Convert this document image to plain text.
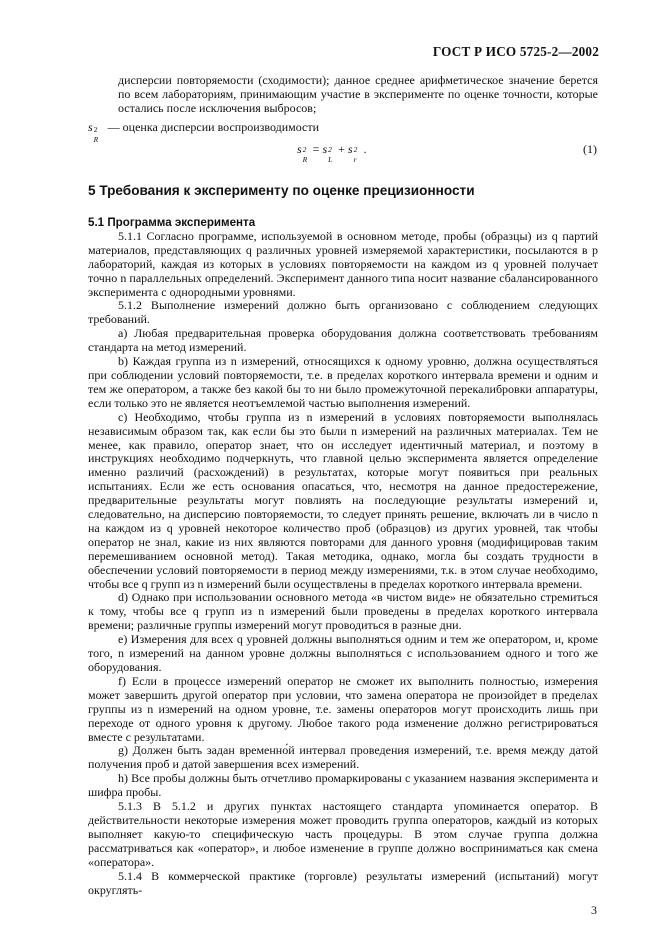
ГОСТ Р ИСО 5725-2—2002
дисперсии повторяемости (сходимости); данное среднее арифметическое значение берется по всем лабораториям, принимающим участие в эксперименте по оценке точности, которые остались после исключения выбросов;
s 2
R
— оценка дисперсии воспроизводимости
s 2
R
= s 2
L
+ s 2
r
.	(1)
5 Требования к эксперименту по оценке прецизионности

5.1 Программа эксперимента

5.1.1 Согласно программе, используемой в основном методе, пробы (образцы) из q партий материалов, представляющих q различных уровней измеряемой характеристики, посылаются в p лабораторий, каждая из которых в условиях повторяемости на каждом из q уровней получает точно n параллельных определений. Эксперимент данного типа носит название сбалансированного эксперимента с однородными уровнями.

5.1.2 Выполнение измерений должно быть организовано с соблюдением следующих требований.

a) Любая предварительная проверка оборудования должна соответствовать требованиям стандарта на метод измерений.

b) Каждая группа из n измерений, относящихся к одному уровню, должна осуществляться при соблюдении условий повторяемости, т.е. в пределах короткого интервала времени и одним и тем же оператором, а также без какой бы то ни было промежуточной перекалибровки аппаратуры, если только это не является неотъемлемой частью выполнения измерений.

c) Необходимо, чтобы группа из n измерений в условиях повторяемости выполнялась независимым образом так, как если бы это были n измерений на различных материалах. Тем не менее, как правило, оператор знает, что он исследует идентичный материал, и поэтому в инструкциях необходимо подчеркнуть, что главной целью эксперимента является определение именно различий (расхождений) в результатах, которые могут появиться при реальных испытаниях. Если же есть основания опасаться, что, несмотря на данное предостережение, предварительные результаты могут повлиять на последующие результаты измерений и, следовательно, на дисперсию повторяемости, то следует принять решение, включать ли в число n на каждом из q уровней некоторое количество проб (образцов) из других уровней, так чтобы оператор не знал, какие из них являются повторами для данного уровня (модифицировав таким перемешиванием основной метод). Такая методика, однако, могла бы создать трудности в обеспечении условий повторяемости в период между измерениями, т.к. в этом случае необходимо, чтобы все q групп из n измерений были осуществлены в пределах короткого интервала времени.

d) Однако при использовании основного метода «в чистом виде» не обязательно стремиться к тому, чтобы все q групп из n измерений были проведены в пределах короткого интервала времени; различные группы измерений могут проводиться в разные дни.

e) Измерения для всех q уровней должны выполняться одним и тем же оператором, и, кроме того, n измерений на данном уровне должны выполняться с использованием одного и того же оборудования.

f) Если в процессе измерений оператор не сможет их выполнить полностью, измерения может завершить другой оператор при условии, что замена оператора не произойдет в пределах группы из n измерений на одном уровне, т.е. замены операторов могут происходить лишь при переходе от одного уровня к другому. Любое такого рода изменение должно регистрироваться вместе с результатами.

g) Должен быть задан временно́й интервал проведения измерений, т.е. время между датой получения проб и датой завершения всех измерений.

h) Все пробы должны быть отчетливо промаркированы с указанием названия эксперимента и шифра пробы.

5.1.3 В 5.1.2 и других пунктах настоящего стандарта упоминается оператор. В действительности некоторые измерения может проводить группа операторов, каждый из которых выполняет какую-то специфическую часть процедуры. В этом случае группа должна рассматриваться как «оператор», и любое изменение в группе должно восприниматься как смена «оператора».

5.1.4 В коммерческой практике (торговле) результаты измерений (испытаний) могут округлять-

3
